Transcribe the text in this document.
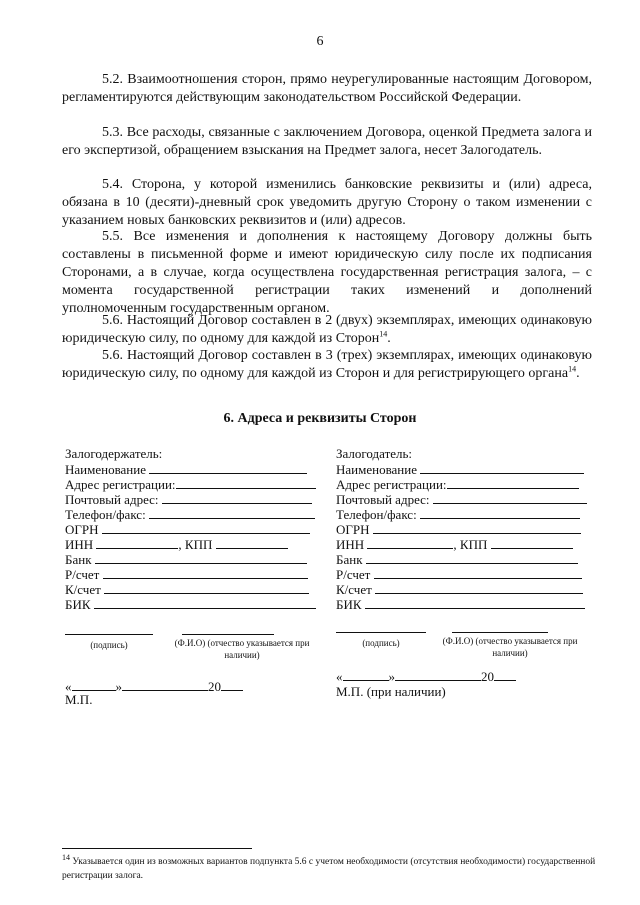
6

5.2. Взаимоотношения сторон, прямо неурегулированные настоящим Договором, регламентируются действующим законодательством Российской Федерации.

5.3. Все расходы, связанные с заключением Договора, оценкой Предмета залога и его экспертизой, обращением взыскания на Предмет залога, несет Залогодатель.

5.4. Сторона, у которой изменились банковские реквизиты и (или) адреса, обязана в 10 (десяти)-дневный срок уведомить другую Сторону о таком изменении с указанием новых банковских реквизитов и (или) адресов.

5.5. Все изменения и дополнения к настоящему Договору должны быть составлены в письменной форме и имеют юридическую силу после их подписания Сторонами, а в случае, когда осуществлена государственная регистрация залога, – с момента государственной регистрации таких изменений и дополнений уполномоченным государственным органом.

5.6. Настоящий Договор составлен в 2 (двух) экземплярах, имеющих одинаковую юридическую силу, по одному для каждой из Сторон$^{14}$.

5.6. Настоящий Договор составлен в 3 (трех) экземплярах, имеющих одинаковую юридическую силу, по одному для каждой из Сторон и для регистрирующего органа$^{14}$.

6. Адреса и реквизиты Сторон
Залогодержатель:
Наименование
Адрес регистрации:
Почтовый адрес:
Телефон/факс:
ОГРН
ИНН	, КПП
Банк
Р/счет
К/счет
БИК
Залогодатель:
Наименование
Адрес регистрации:
Почтовый адрес:
Телефон/факс:
ОГРН
ИНН	, КПП
Банк
Р/счет
К/счет
БИК
(подпись)	(Ф.И.О) (отчество указывается при наличии)
(подпись)	(Ф.И.О) (отчество указывается при наличии)
«	»	20
М.П.
«	»	20
М.П. (при наличии)
$^{14}$ Указывается один из возможных вариантов подпункта 5.6 с учетом необходимости (отсутствия необходимости) государственной регистрации залога.
